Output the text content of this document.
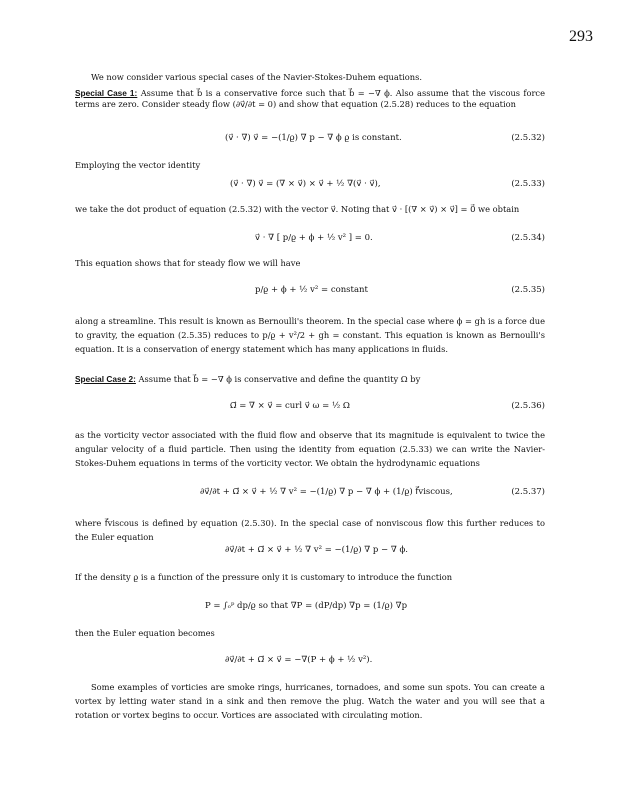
293

We now consider various special cases of the Navier-Stokes-Duhem equations.

Special Case 1: Assume that b⃗ is a conservative force such that b⃗ = −∇ ϕ. Also assume that the viscous force terms are zero. Consider steady flow (∂v⃗/∂t = 0) and show that equation (2.5.28) reduces to the equation

(v⃗ · ∇) v⃗ = −(1/ϱ) ∇ p − ∇ ϕ ϱ is constant.	(2.5.32)

Employing the vector identity

(v⃗ · ∇) v⃗ = (∇ × v⃗) × v⃗ + ½ ∇(v⃗ · v⃗),	(2.5.33)

we take the dot product of equation (2.5.32) with the vector v⃗. Noting that v⃗ · [(∇ × v⃗) × v⃗] = 0⃗ we obtain

v⃗ · ∇ [ p/ϱ + ϕ + ½ v² ] = 0.	(2.5.34)

This equation shows that for steady flow we will have

p/ϱ + ϕ + ½ v² = constant	(2.5.35)

along a streamline. This result is known as Bernoulli's theorem. In the special case where ϕ = gh is a force due to gravity, the equation (2.5.35) reduces to p/ϱ + v²/2 + gh = constant. This equation is known as Bernoulli's equation. It is a conservation of energy statement which has many applications in fluids.

Special Case 2: Assume that b⃗ = −∇ ϕ is conservative and define the quantity Ω by

Ω⃗ = ∇ × v⃗ = curl v⃗ ω = ½ Ω	(2.5.36)

as the vorticity vector associated with the fluid flow and observe that its magnitude is equivalent to twice the angular velocity of a fluid particle. Then using the identity from equation (2.5.33) we can write the Navier-Stokes-Duhem equations in terms of the vorticity vector. We obtain the hydrodynamic equations

∂v⃗/∂t + Ω⃗ × v⃗ + ½ ∇ v² = −(1/ϱ) ∇ p − ∇ ϕ + (1/ϱ) f⃗viscous,	(2.5.37)

where f⃗viscous is defined by equation (2.5.30). In the special case of nonviscous flow this further reduces to the Euler equation

∂v⃗/∂t + Ω⃗ × v⃗ + ½ ∇ v² = −(1/ϱ) ∇ p − ∇ ϕ.

If the density ϱ is a function of the pressure only it is customary to introduce the function

P = ∫ₒᵖ dp/ϱ so that ∇P = (dP/dp) ∇p = (1/ϱ) ∇p

then the Euler equation becomes

∂v⃗/∂t + Ω⃗ × v⃗ = −∇(P + ϕ + ½ v²).

Some examples of vorticies are smoke rings, hurricanes, tornadoes, and some sun spots. You can create a vortex by letting water stand in a sink and then remove the plug. Watch the water and you will see that a rotation or vortex begins to occur. Vortices are associated with circulating motion.
